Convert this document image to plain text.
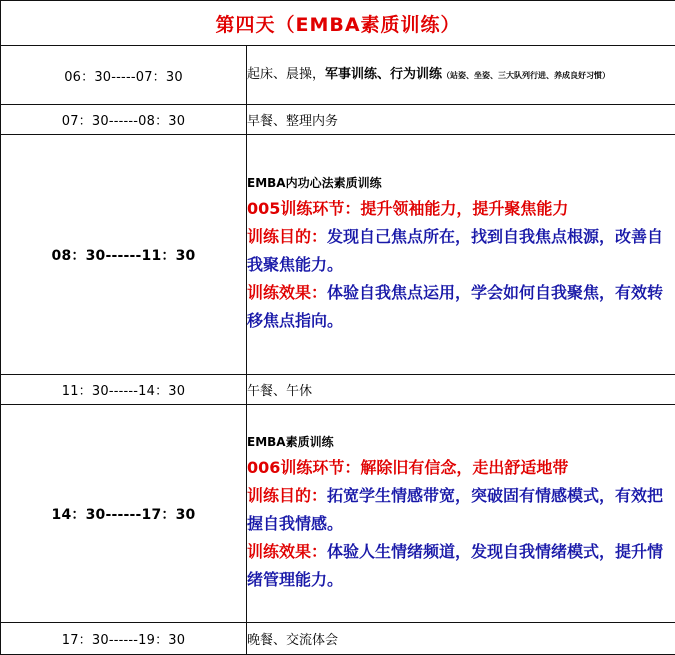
第四天（EMBA素质训练）	
06：30-----07：30	起床、晨操，军事训练、行为训练（站姿、坐姿、三大队列行进、养成良好习惯）

07：30------08：30	早餐、整理内务
08：30------11：30	EMBA内功心法素质训练
005训练环节：提升领袖能力，提升聚焦能力
训练目的：发现自己焦点所在，找到自我焦点根源，改善自我聚焦能力。
训练效果：体验自我焦点运用，学会如何自我聚焦，有效转移焦点指向。

11：30------14：30	午餐、午休
14：30------17：30	EMBA素质训练
006训练环节：解除旧有信念，走出舒适地带
训练目的：拓宽学生情感带宽，突破固有情感模式，有效把握自我情感。
训练效果：体验人生情绪频道，发现自我情绪模式，提升情绪管理能力。

17：30------19：30	晚餐、交流体会
